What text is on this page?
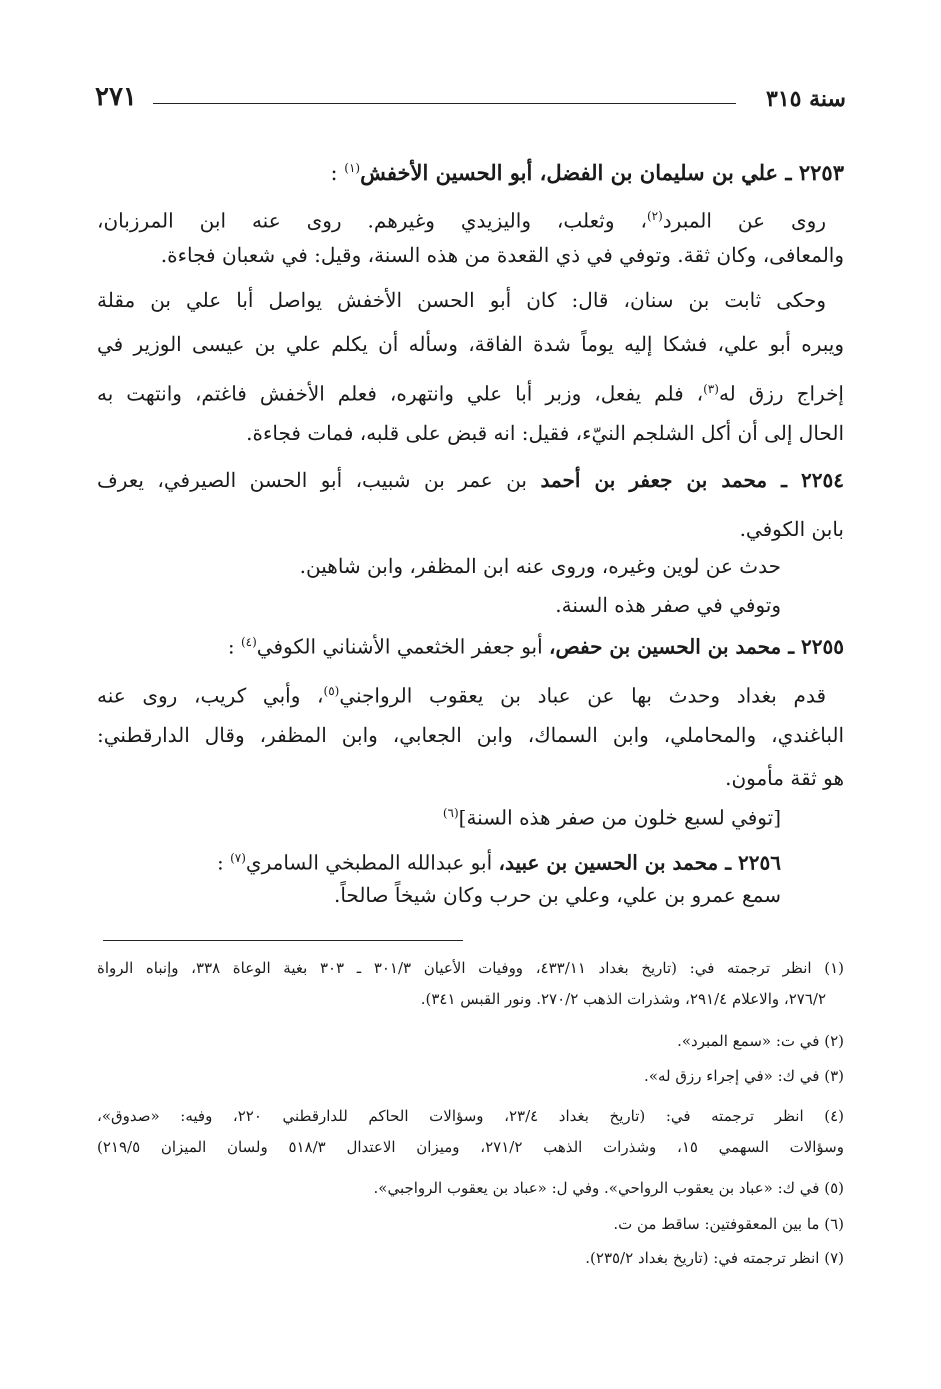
سنة ٣١٥
٢٧١
٢٢٥٣ ـ علي بن سليمان بن الفضل، أبو الحسين الأخفش$^{(١)}$ :
روى عن المبرد$^{(٢)}$، وثعلب، واليزيدي وغيرهم. روى عنه ابن المرزبان،
والمعافى، وكان ثقة. وتوفي في ذي القعدة من هذه السنة، وقيل: في شعبان فجاءة.
وحكى ثابت بن سنان، قال: كان أبو الحسن الأخفش يواصل أبا علي بن مقلة
ويبره أبو علي، فشكا إليه يوماً شدة الفاقة، وسأله أن يكلم علي بن عيسى الوزير في
إخراج رزق له$^{(٣)}$، فلم يفعل، وزبر أبا علي وانتهره، فعلم الأخفش فاغتم، وانتهت به
الحال إلى أن أكل الشلجم النيّء، فقيل: انه قبض على قلبه، فمات فجاءة.
٢٢٥٤ ـ محمد بن جعفر بن أحمد بن عمر بن شبيب، أبو الحسن الصيرفي، يعرف
بابن الكوفي.
حدث عن لوين وغيره، وروى عنه ابن المظفر، وابن شاهين.
وتوفي في صفر هذه السنة.
٢٢٥٥ ـ محمد بن الحسين بن حفص، أبو جعفر الخثعمي الأشناني الكوفي$^{(٤)}$ :
قدم بغداد وحدث بها عن عباد بن يعقوب الرواجني$^{(٥)}$، وأبي كريب، روى عنه
الباغندي، والمحاملي، وابن السماك، وابن الجعابي، وابن المظفر، وقال الدارقطني:
هو ثقة مأمون.
[توفي لسبع خلون من صفر هذه السنة]$^{(٦)}$
٢٢٥٦ ـ محمد بن الحسين بن عبيد، أبو عبدالله المطبخي السامري$^{(٧)}$ :
سمع عمرو بن علي، وعلي بن حرب وكان شيخاً صالحاً.
(١) انظر ترجمته في: (تاريخ بغداد ٤٣٣/١١، ووفيات الأعيان ٣٠١/٣ ـ ٣٠٣ بغية الوعاة ٣٣٨، وإنباه الرواة
٢٧٦/٢، والاعلام ٢٩١/٤، وشذرات الذهب ٢٧٠/٢. ونور القبس ٣٤١).
(٢) في ت: «سمع المبرد».
(٣) في ك: «في إجراء رزق له».
(٤) انظر ترجمته في: (تاريخ بغداد ٢٣/٤، وسؤالات الحاكم للدارقطني ٢٢٠، وفيه: «صدوق»،
وسؤالات السهمي ١٥، وشذرات الذهب ٢٧١/٢، وميزان الاعتدال ٥١٨/٣ ولسان الميزان ٢١٩/٥)
(٥) في ك: «عباد بن يعقوب الرواحي». وفي ل: «عباد بن يعقوب الرواجبي».
(٦) ما بين المعقوفتين: ساقط من ت.
(٧) انظر ترجمته في: (تاريخ بغداد ٢٣٥/٢).
